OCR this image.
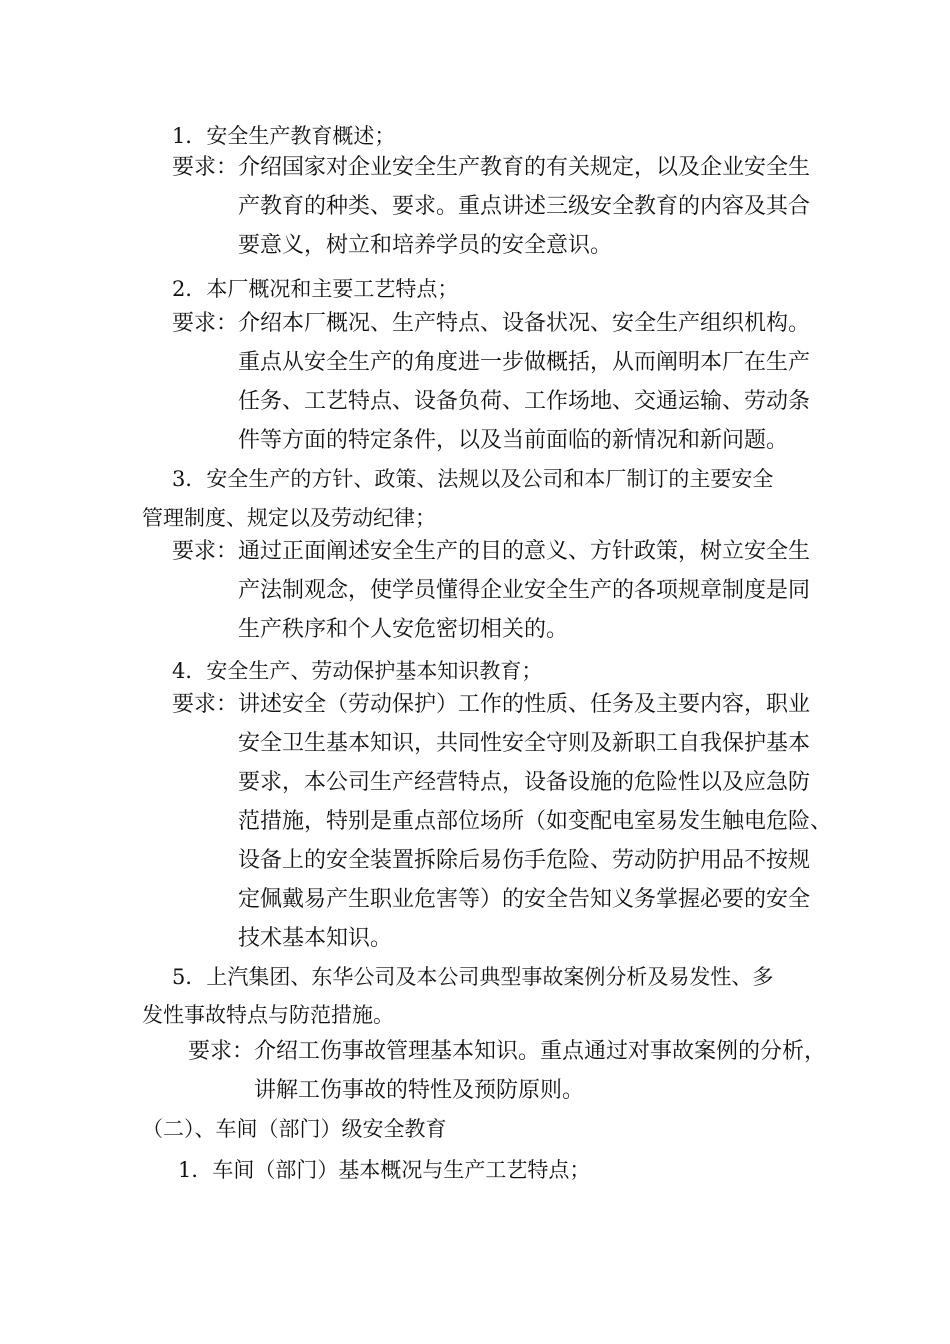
1．安全生产教育概述；
要求： 介绍国家对企业安全生产教育的有关规定，以及企业安全生
产教育的种类、要求。重点讲述三级安全教育的内容及其合
要意义，树立和培养学员的安全意识。
2．本厂概况和主要工艺特点；
要求： 介绍本厂概况、生产特点、设备状况、安全生产组织机构。
重点从安全生产的角度进一步做概括，从而阐明本厂在生产
任务、工艺特点、设备负荷、工作场地、交通运输、劳动条
件等方面的特定条件，以及当前面临的新情况和新问题。
3．安全生产的方针、政策、法规以及公司和本厂制订的主要安全
管理制度、规定以及劳动纪律；
要求： 通过正面阐述安全生产的目的意义、方针政策，树立安全生
产法制观念，使学员懂得企业安全生产的各项规章制度是同
生产秩序和个人安危密切相关的。
4．安全生产、劳动保护基本知识教育；
要求： 讲述安全（劳动保护）工作的性质、任务及主要内容，职业
安全卫生基本知识，共同性安全守则及新职工自我保护基本
要求，本公司生产经营特点，设备设施的危险性以及应急防
范措施，特别是重点部位场所（如变配电室易发生触电危险、
设备上的安全装置拆除后易伤手危险、劳动防护用品不按规
定佩戴易产生职业危害等）的安全告知义务掌握必要的安全
技术基本知识。
5．上汽集团、东华公司及本公司典型事故案例分析及易发性、多
发性事故特点与防范措施。
要求： 介绍工伤事故管理基本知识。重点通过对事故案例的分析，
讲解工伤事故的特性及预防原则。
（二）、车间（部门）级安全教育
1．车间（部门）基本概况与生产工艺特点；
